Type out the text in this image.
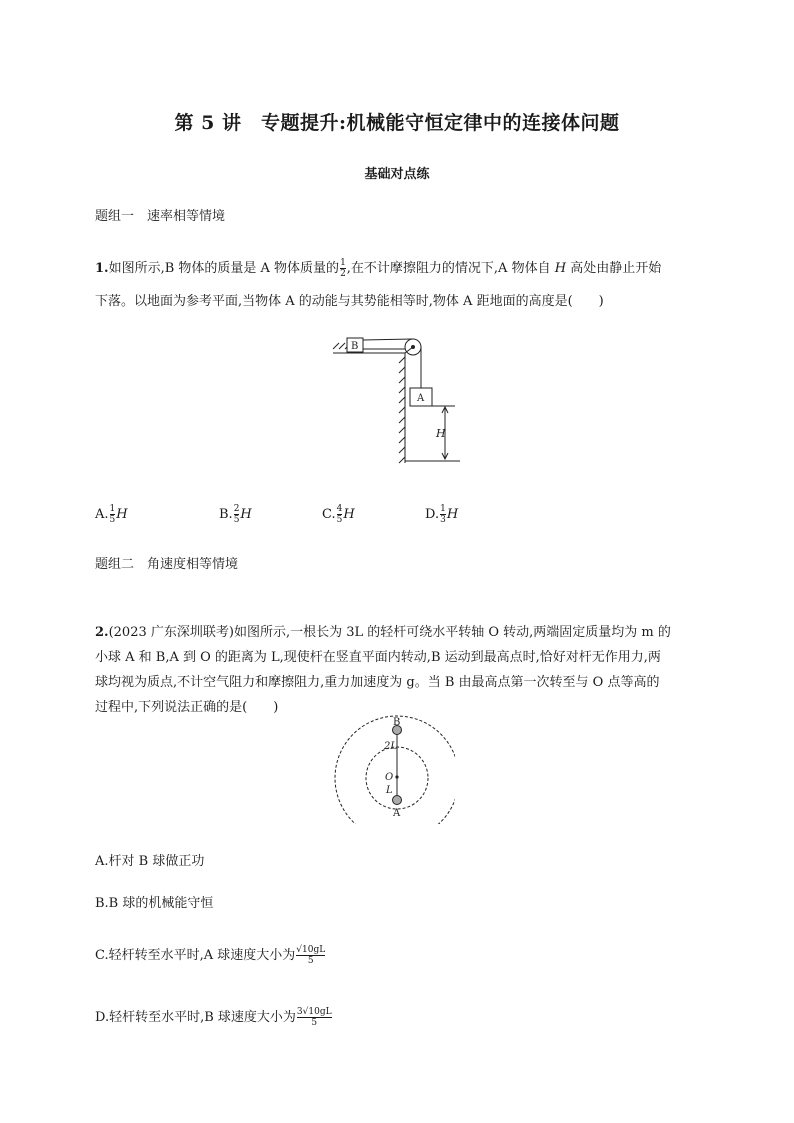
第 5 讲　专题提升:机械能守恒定律中的连接体问题
基础对点练
题组一　速率相等情境
1.如图所示,B 物体的质量是 A 物体质量的 $\frac{1}{2}$ ,在不计摩擦阻力的情况下,A 物体自 H 高处由静止开始
下落。以地面为参考平面,当物体 A 的动能与其势能相等时,物体 A 距地面的高度是(　　)
B
A
H
A. $\frac{1}{5}$ H	B. $\frac{2}{5}$ H	C. $\frac{4}{5}$ H	D. $\frac{1}{3}$ H
题组二　角速度相等情境
2.(2023 广东深圳联考)如图所示,一根长为 3L 的轻杆可绕水平转轴 O 转动,两端固定质量均为 m 的
小球 A 和 B,A 到 O 的距离为 L,现使杆在竖直平面内转动,B 运动到最高点时,恰好对杆无作用力,两
球均视为质点,不计空气阻力和摩擦阻力,重力加速度为 g。当 B 由最高点第一次转至与 O 点等高的
过程中,下列说法正确的是(　　)
B
2L
O
L
A
A.杆对 B 球做正功
B.B 球的机械能守恒
C.轻杆转至水平时,A 球速度大小为 $\frac{√10gL}{5}$
D.轻杆转至水平时,B 球速度大小为 $\frac{3√10gL}{5}$
